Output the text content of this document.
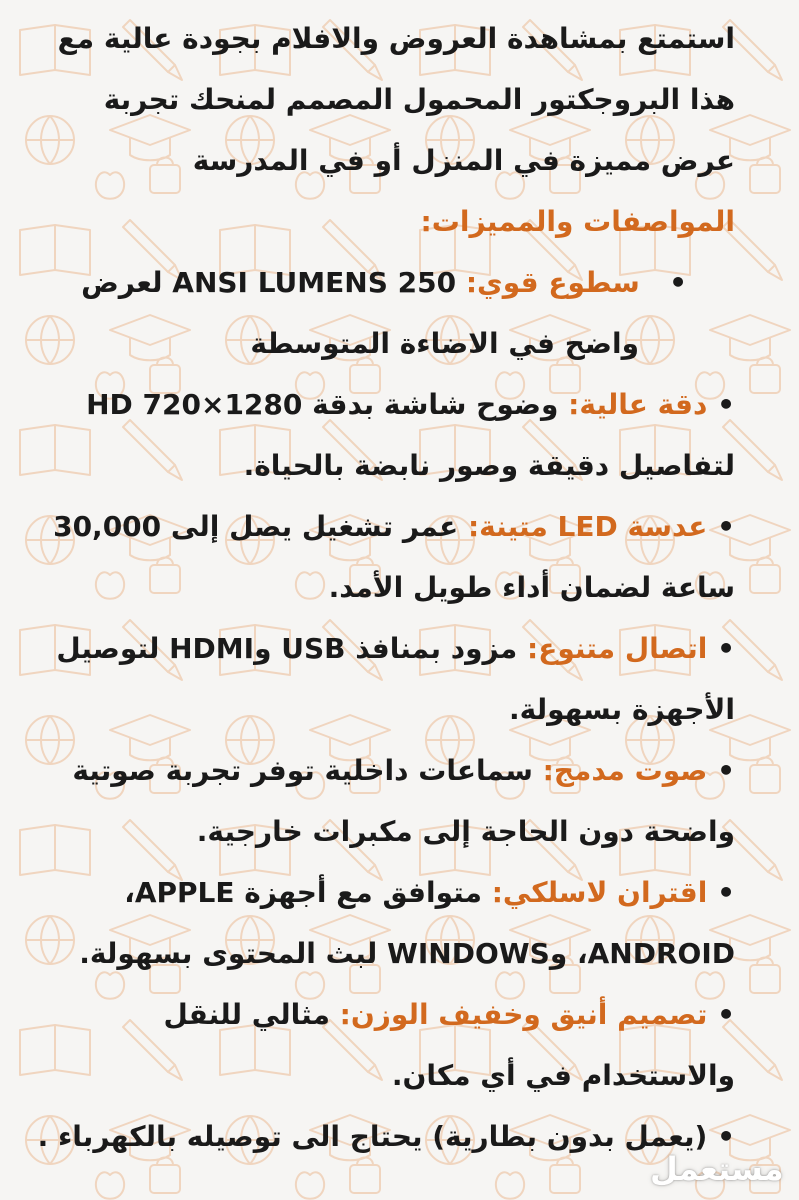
استمتع بمشاهدة العروض والافلام بجودة عالية مع

هذا البروجكتور المحمول المصمم لمنحك تجربة

عرض مميزة في المنزل أو في المدرسة

المواصفات والمميزات:

•   سطوع قوي: ANSI LUMENS 250 لعرض

واضح في الاضاءة المتوسطة

• دقة عالية: وضوح شاشة بدقة 1280×720 HD

لتفاصيل دقيقة وصور نابضة بالحياة.

• عدسة LED متينة: عمر تشغيل يصل إلى 30,000

ساعة لضمان أداء طويل الأمد.

• اتصال متنوع: مزود بمنافذ USB وHDMI لتوصيل

الأجهزة بسهولة.

• صوت مدمج: سماعات داخلية توفر تجربة صوتية

واضحة دون الحاجة إلى مكبرات خارجية.

• اقتران لاسلكي: متوافق مع أجهزة APPLE،

ANDROID، وWINDOWS لبث المحتوى بسهولة.

• تصميم أنيق وخفيف الوزن: مثالي للنقل

والاستخدام في أي مكان.

• (يعمل بدون بطارية) يحتاج الى توصيله بالكهرباء .

مستعمل
